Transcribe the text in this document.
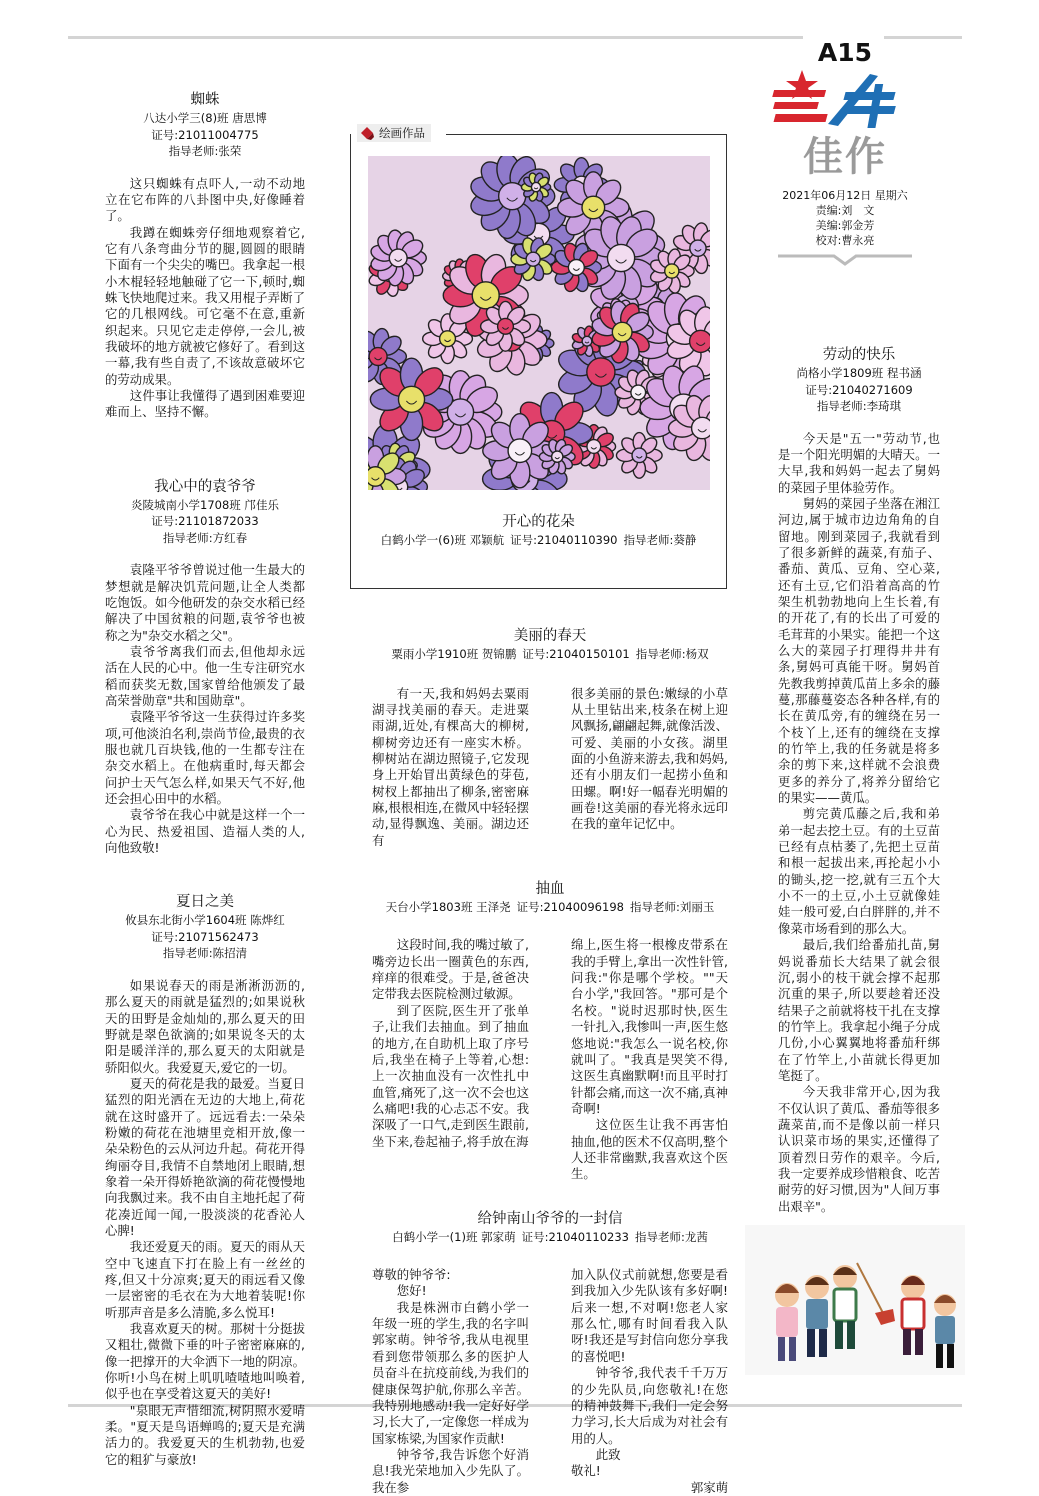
A15
佳作
2021年06月12日 星期六
责编:刘　文
美编:郭金芳
校对:曹永亮
蜘蛛
八达小学三(8)班 唐思博
证号:21011004775
指导老师:张荣

这只蜘蛛有点吓人,一动不动地立在它布阵的八卦图中央,好像睡着了。

我蹲在蜘蛛旁仔细地观察着它,它有八条弯曲分节的腿,圆圆的眼睛下面有一个尖尖的嘴巴。我拿起一根小木棍轻轻地触碰了它一下,顿时,蜘蛛飞快地爬过来。我又用棍子弄断了它的几根网线。可它毫不在意,重新织起来。只见它走走停停,一会儿,被我破坏的地方就被它修好了。看到这一幕,我有些自责了,不该故意破坏它的劳动成果。

这件事让我懂得了遇到困难要迎难而上、坚持不懈。

我心中的袁爷爷
炎陵城南小学1708班 邝佳乐
证号:21101872033
指导老师:方红春

袁隆平爷爷曾说过他一生最大的梦想就是解决饥荒问题,让全人类都吃饱饭。如今他研发的杂交水稻已经解决了中国贫粮的问题,袁爷爷也被称之为"杂交水稻之父"。

袁爷爷离我们而去,但他却永远活在人民的心中。他一生专注研究水稻而获奖无数,国家曾给他颁发了最高荣誉勋章"共和国勋章"。

袁隆平爷爷这一生获得过许多奖项,可他淡泊名利,崇尚节俭,最贵的衣服也就几百块钱,他的一生都专注在杂交水稻上。在他病重时,每天都会问护士天气怎么样,如果天气不好,他还会担心田中的水稻。

袁爷爷在我心中就是这样一个一心为民、热爱祖国、造福人类的人,向他致敬!

夏日之美
攸县东北街小学1604班 陈烨红
证号:21071562473
指导老师:陈招清

如果说春天的雨是淅淅沥沥的,那么夏天的雨就是猛烈的;如果说秋天的田野是金灿灿的,那么夏天的田野就是翠色欲滴的;如果说冬天的太阳是暖洋洋的,那么夏天的太阳就是骄阳似火。我爱夏天,爱它的一切。

夏天的荷花是我的最爱。当夏日猛烈的阳光洒在无边的大地上,荷花就在这时盛开了。远远看去:一朵朵粉嫩的荷花在池塘里竞相开放,像一朵朵粉色的云从河边升起。荷花开得绚丽夺目,我情不自禁地闭上眼睛,想象着一朵开得娇艳欲滴的荷花慢慢地向我飘过来。我不由自主地托起了荷花凑近闻一闻,一股淡淡的花香沁人心脾!

我还爱夏天的雨。夏天的雨从天空中飞速直下打在脸上有一丝丝的疼,但又十分凉爽;夏天的雨远看又像一层密密的毛衣在为大地着装呢!你听那声音是多么清脆,多么悦耳!

我喜欢夏天的树。那树十分挺拔又粗壮,微微下垂的叶子密密麻麻的,像一把撑开的大伞洒下一地的阴凉。你听!小鸟在树上叽叽喳喳地叫唤着,似乎也在享受着这夏天的美好!

"泉眼无声惜细流,树阴照水爱晴柔。"夏天是鸟语蝉鸣的;夏天是充满活力的。我爱夏天的生机勃勃,也爱它的粗犷与豪放!

绘画作品
开心的花朵
白鹤小学一(6)班 邓颖航 证号:21040110390 指导老师:葵静
美丽的春天
粟雨小学1910班 贺锦鹏 证号:21040150101 指导老师:杨双

有一天,我和妈妈去粟雨湖寻找美丽的春天。走进粟雨湖,近处,有棵高大的柳树,柳树旁边还有一座实木桥。柳树站在湖边照镜子,它发现身上开始冒出黄绿色的芽苞,树杈上都抽出了柳条,密密麻麻,根根相连,在微风中轻轻摆动,显得飘逸、美丽。湖边还有

很多美丽的景色:嫩绿的小草从土里钻出来,枝条在树上迎风飘扬,翩翩起舞,就像活泼、可爱、美丽的小女孩。湖里面的小鱼游来游去,我和妈妈,还有小朋友们一起捞小鱼和田螺。啊!好一幅春光明媚的画卷!这美丽的春光将永远印在我的童年记忆中。

抽血
天台小学1803班 王泽尧 证号:21040096198 指导老师:刘丽玉

这段时间,我的嘴过敏了,嘴旁边长出一圈黄色的东西,痒痒的很难受。于是,爸爸决定带我去医院检测过敏源。

到了医院,医生开了张单子,让我们去抽血。到了抽血的地方,在自助机上取了序号后,我坐在椅子上等着,心想:上一次抽血没有一次性扎中血管,痛死了,这一次不会也这么痛吧!我的心忐忑不安。我深吸了一口气,走到医生跟前,坐下来,卷起袖子,将手放在海

绵上,医生将一根橡皮带系在我的手臂上,拿出一次性针管,问我:"你是哪个学校。""天台小学,"我回答。"那可是个名校。"说时迟那时快,医生一针扎入,我惨叫一声,医生悠悠地说:"我怎么一说名校,你就叫了。"我真是哭笑不得,这医生真幽默啊!而且平时打针都会痛,而这一次不痛,真神奇啊!

这位医生让我不再害怕抽血,他的医术不仅高明,整个人还非常幽默,我喜欢这个医生。

给钟南山爷爷的一封信
白鹤小学一(1)班 郭家萌 证号:21040110233 指导老师:龙茜

尊敬的钟爷爷:

您好!

我是株洲市白鹤小学一年级一班的学生,我的名字叫郭家萌。钟爷爷,我从电视里看到您带领那么多的医护人员奋斗在抗疫前线,为我们的健康保驾护航,你那么辛苦。我特别地感动!我一定好好学习,长大了,一定像您一样成为国家栋梁,为国家作贡献!

钟爷爷,我告诉您个好消息!我光荣地加入少先队了。我在参

加入队仪式前就想,您要是看到我加入少先队该有多好啊!后来一想,不对啊!您老人家那么忙,哪有时间看我入队呀!我还是写封信向您分享我的喜悦吧!

钟爷爷,我代表千千万万的少先队员,向您敬礼!在您的精神鼓舞下,我们一定会努力学习,长大后成为对社会有用的人。

此致

敬礼!

郭家萌

劳动的快乐
尚格小学1809班 程书涵
证号:21040271609
指导老师:李琦琪

今天是"五一"劳动节,也是一个阳光明媚的大晴天。一大早,我和妈妈一起去了舅妈的菜园子里体验劳作。

舅妈的菜园子坐落在湘江河边,属于城市边边角角的自留地。刚到菜园子,我就看到了很多新鲜的蔬菜,有茄子、番茄、黄瓜、豆角、空心菜,还有土豆,它们沿着高高的竹架生机勃勃地向上生长着,有的开花了,有的长出了可爱的毛茸茸的小果实。能把一个这么大的菜园子打理得井井有条,舅妈可真能干呀。舅妈首先教我剪掉黄瓜苗上多余的藤蔓,那藤蔓姿态各种各样,有的长在黄瓜旁,有的缠绕在另一个枝丫上,还有的缠绕在支撑的竹竿上,我的任务就是将多余的剪下来,这样就不会浪费更多的养分了,将养分留给它的果实——黄瓜。

剪完黄瓜藤之后,我和弟弟一起去挖土豆。有的土豆苗已经有点枯萎了,先把土豆苗和根一起拔出来,再抡起小小的锄头,挖一挖,就有三五个大小不一的土豆,小土豆就像娃娃一般可爱,白白胖胖的,并不像菜市场看到的那么大。

最后,我们给番茄扎苗,舅妈说番茄长大结果了就会很沉,弱小的枝干就会撑不起那沉重的果子,所以要趁着还没结果子之前就将枝干扎在支撑的竹竿上。我拿起小绳子分成几份,小心翼翼地将番茄秆绑在了竹竿上,小苗就长得更加笔挺了。

今天我非常开心,因为我不仅认识了黄瓜、番茄等很多蔬菜苗,而不是像以前一样只认识菜市场的果实,还懂得了顶着烈日劳作的艰辛。今后,我一定要养成珍惜粮食、吃苦耐劳的好习惯,因为"人间万事出艰辛"。
